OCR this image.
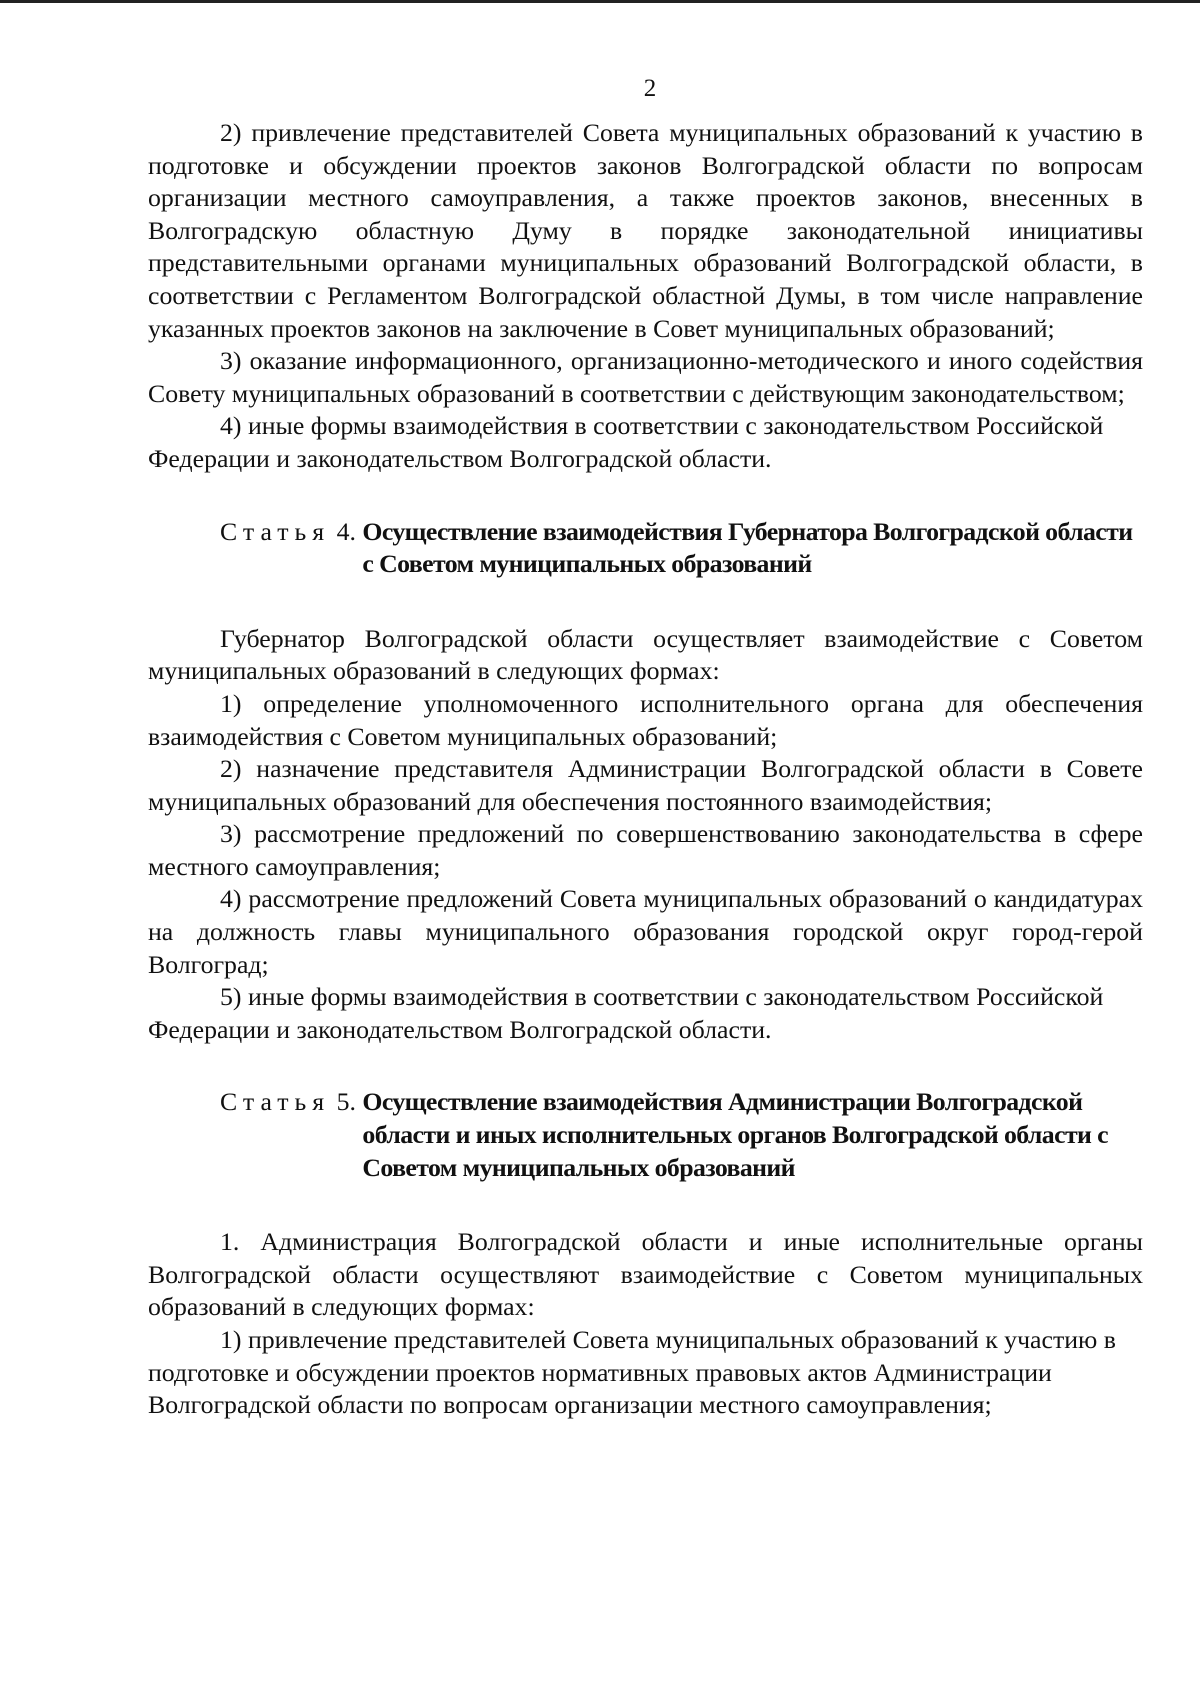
2

2) привлечение представителей Совета муниципальных образований к участию в подготовке и обсуждении проектов законов Волгоградской области по вопросам организации местного самоуправления, а также проектов законов, внесенных в Волгоградскую областную Думу в порядке законодательной инициативы представительными органами муниципальных образований Волгоградской области, в соответствии с Регламентом Волгоградской областной Думы, в том числе направление указанных проектов законов на заключение в Совет муниципальных образований;

3) оказание информационного, организационно-методического и иного содействия Совету муниципальных образований в соответствии с действующим законодательством;

4) иные формы взаимодействия в соответствии с законодательством Российской Федерации и законодательством Волгоградской области.

Статья 4. Осуществление взаимодействия Губернатора Волгоградской области с Советом муниципальных образований

Губернатор Волгоградской области осуществляет взаимодействие с Советом муниципальных образований в следующих формах:

1) определение уполномоченного исполнительного органа для обеспечения взаимодействия с Советом муниципальных образований;

2) назначение представителя Администрации Волгоградской области в Совете муниципальных образований для обеспечения постоянного взаимодействия;

3) рассмотрение предложений по совершенствованию законодательства в сфере местного самоуправления;

4) рассмотрение предложений Совета муниципальных образований о кандидатурах на должность главы муниципального образования городской округ город-герой Волгоград;

5) иные формы взаимодействия в соответствии с законодательством Российской Федерации и законодательством Волгоградской области.

Статья 5. Осуществление взаимодействия Администрации Волгоградской области и иных исполнительных органов Волгоградской области с Советом муниципальных образований

1. Администрация Волгоградской области и иные исполнительные органы Волгоградской области осуществляют взаимодействие с Советом муниципальных образований в следующих формах:

1) привлечение представителей Совета муниципальных образований к участию в подготовке и обсуждении проектов нормативных правовых актов Администрации Волгоградской области по вопросам организации местного самоуправления;
